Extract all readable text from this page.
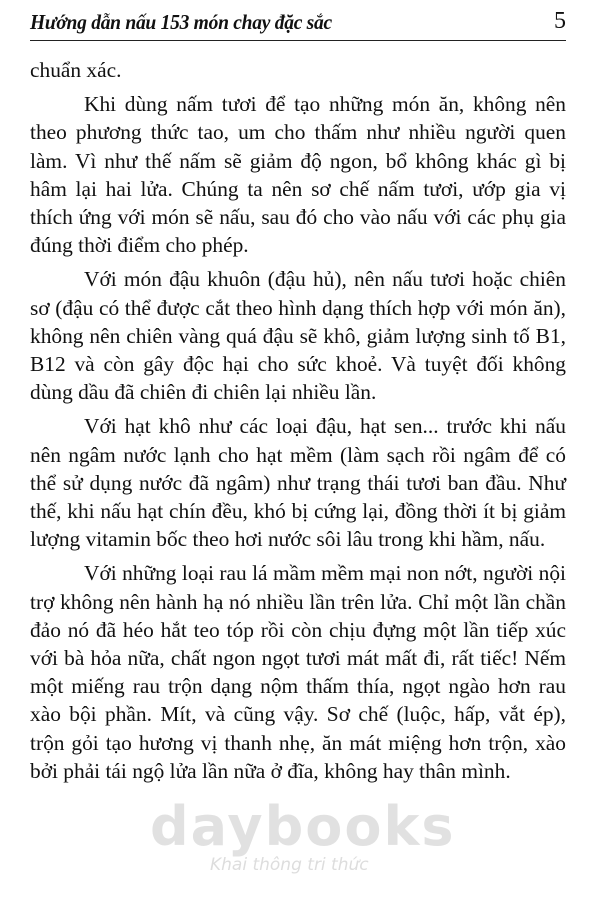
Hướng dẫn nấu 153 món chay đặc sắc	5

chuẩn xác.

Khi dùng nấm tươi để tạo những món ăn, không nên theo phương thức tao, um cho thấm như nhiều người quen làm. Vì như thế nấm sẽ giảm độ ngon, bổ không khác gì bị hâm lại hai lửa. Chúng ta nên sơ chế nấm tươi, ướp gia vị thích ứng với món sẽ nấu, sau đó cho vào nấu với các phụ gia đúng thời điểm cho phép.

Với món đậu khuôn (đậu hủ), nên nấu tươi hoặc chiên sơ (đậu có thể được cắt theo hình dạng thích hợp với món ăn), không nên chiên vàng quá đậu sẽ khô, giảm lượng sinh tố B1, B12 và còn gây độc hại cho sức khoẻ. Và tuyệt đối không dùng dầu đã chiên đi chiên lại nhiều lần.

Với hạt khô như các loại đậu, hạt sen... trước khi nấu nên ngâm nước lạnh cho hạt mềm (làm sạch rồi ngâm để có thể sử dụng nước đã ngâm) như trạng thái tươi ban đầu. Như thế, khi nấu hạt chín đều, khó bị cứng lại, đồng thời ít bị giảm lượng vitamin bốc theo hơi nước sôi lâu trong khi hầm, nấu.

Với những loại rau lá mầm mềm mại non nớt, người nội trợ không nên hành hạ nó nhiều lần trên lửa. Chỉ một lần chần đảo nó đã héo hắt teo tóp rồi còn chịu đựng một lần tiếp xúc với bà hỏa nữa, chất ngon ngọt tươi mát mất đi, rất tiếc! Nếm một miếng rau trộn dạng nộm thấm thía, ngọt ngào hơn rau xào bội phần. Mít, và cũng vậy. Sơ chế (luộc, hấp, vắt ép), trộn gỏi tạo hương vị thanh nhẹ, ăn mát miệng hơn trộn, xào bởi phải tái ngộ lửa lần nữa ở đĩa, không hay thân mình.

daybooks
Khai thông tri thức
